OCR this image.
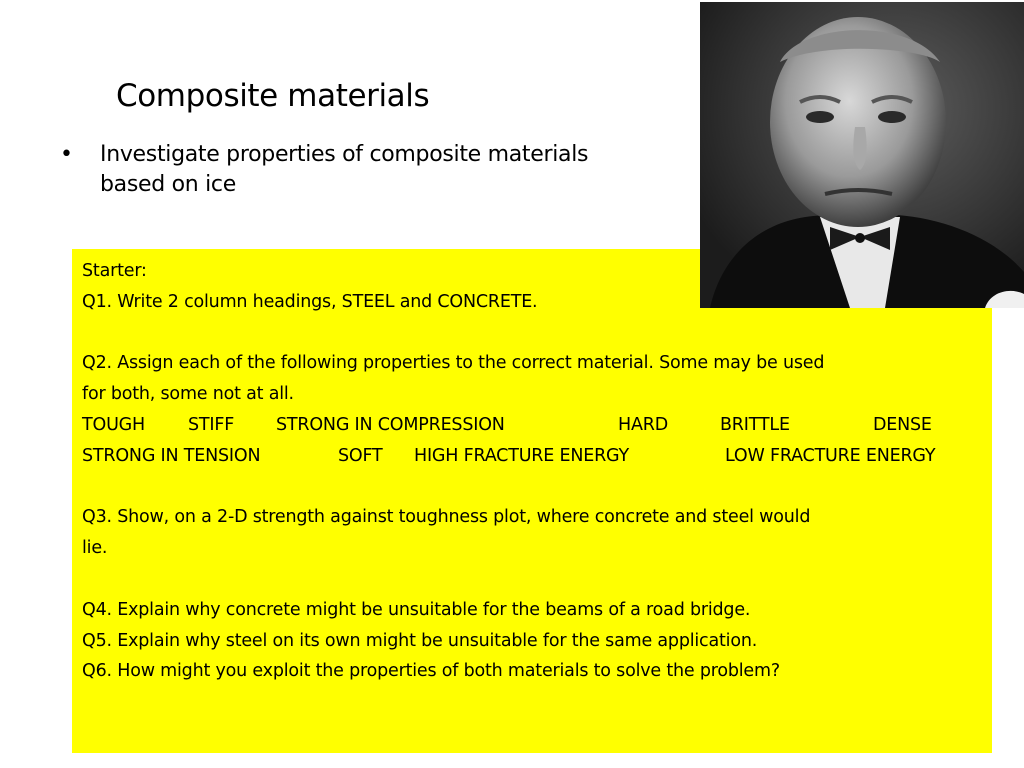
Composite materials
• Investigate properties of composite materials
based on ice
Starter:
Q1. Write 2 column headings, STEEL and CONCRETE.
Q2. Assign each of the following properties to the correct material. Some may be used
for both, some not at all.
TOUGH STIFF STRONG IN COMPRESSION	HARD	BRITTLE	DENSE
STRONG IN TENSION	SOFT HIGH FRACTURE ENERGY	LOW FRACTURE ENERGY
Q3. Show, on a 2-D strength against toughness plot, where concrete and steel would
lie.
Q4. Explain why concrete might be unsuitable for the beams of a road bridge.
Q5. Explain why steel on its own might be unsuitable for the same application.
Q6. How might you exploit the properties of both materials to solve the problem?
